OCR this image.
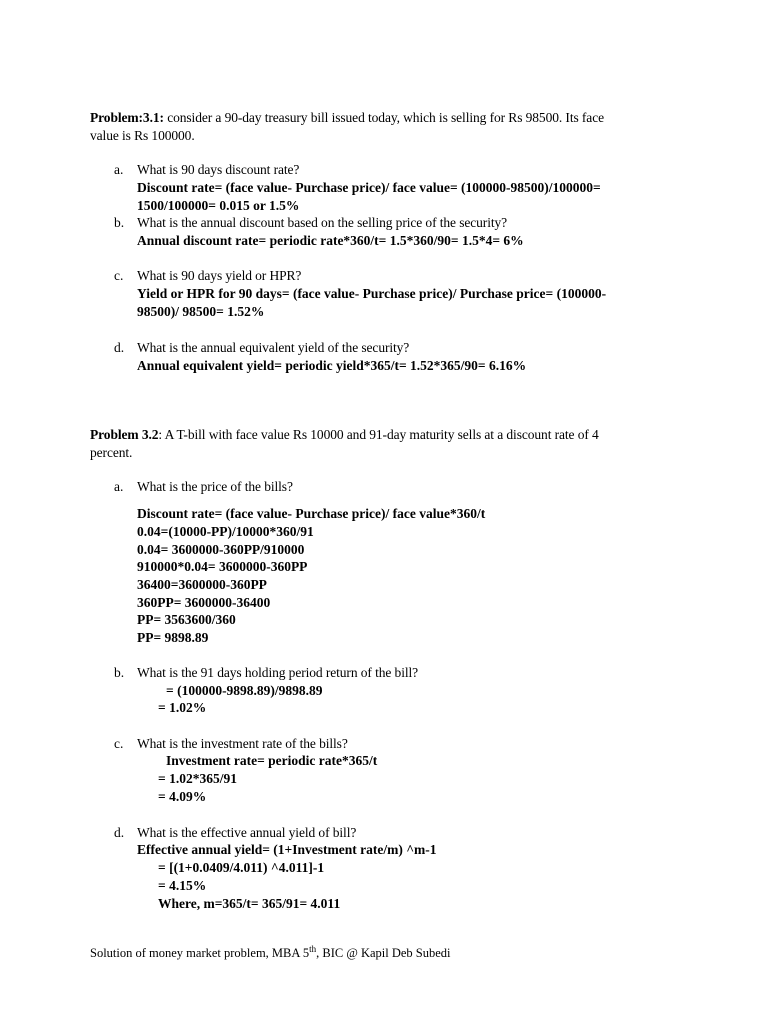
Problem:3.1: consider a 90-day treasury bill issued today, which is selling for Rs 98500. Its face
value is Rs 100000.
a. What is 90 days discount rate?
Discount rate= (face value- Purchase price)/ face value= (100000-98500)/100000=
1500/100000= 0.015 or 1.5%
b. What is the annual discount based on the selling price of the security?
Annual discount rate= periodic rate*360/t= 1.5*360/90= 1.5*4= 6%
c. What is 90 days yield or HPR?
Yield or HPR for 90 days= (face value- Purchase price)/ Purchase price= (100000-
98500)/ 98500= 1.52%
d. What is the annual equivalent yield of the security?
Annual equivalent yield= periodic yield*365/t= 1.52*365/90= 6.16%
Problem 3.2: A T-bill with face value Rs 10000 and 91-day maturity sells at a discount rate of 4
percent.
a. What is the price of the bills?
Discount rate= (face value- Purchase price)/ face value*360/t
0.04=(10000-PP)/10000*360/91
0.04= 3600000-360PP/910000
910000*0.04= 3600000-360PP
36400=3600000-360PP
360PP= 3600000-36400
PP= 3563600/360
PP= 9898.89
b. What is the 91 days holding period return of the bill?
= (100000-9898.89)/9898.89
= 1.02%
c. What is the investment rate of the bills?
Investment rate= periodic rate*365/t
= 1.02*365/91
= 4.09%
d. What is the effective annual yield of bill?
Effective annual yield= (1+Investment rate/m) ^m-1
= [(1+0.0409/4.011) ^4.011]-1
= 4.15%
Where, m=365/t= 365/91= 4.011
Solution of money market problem, MBA 5th, BIC @ Kapil Deb Subedi
